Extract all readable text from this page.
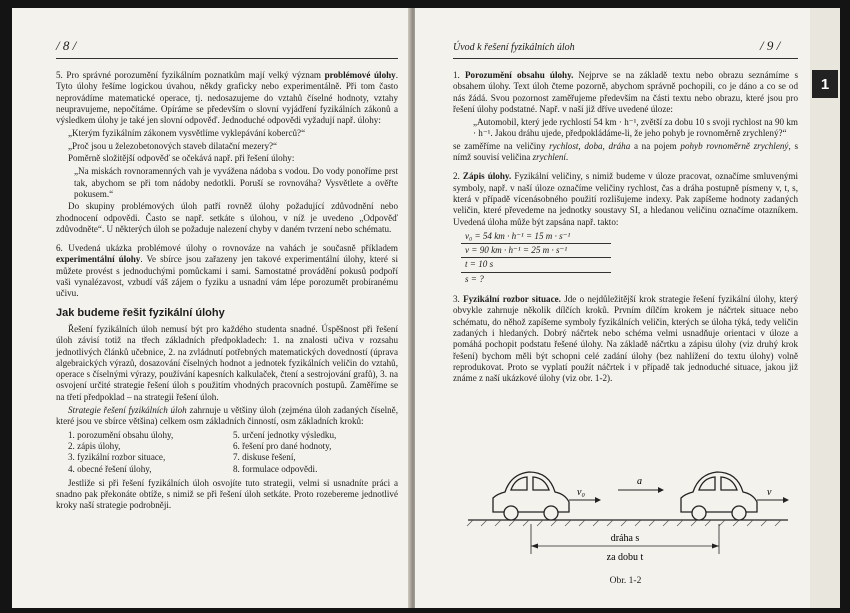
/ 8 /

5. Pro správné porozumění fyzikálním poznatkům mají velký význam problémové úlohy. Tyto úlohy řešíme logickou úvahou, někdy graficky nebo experimentálně. Při tom často neprovádíme matematické operace, tj. nedosazujeme do vztahů číselné hodnoty, vztahy neupravujeme, nepočítáme. Opíráme se především o slovní vyjádření fyzikálních zákonů a výsledkem úlohy je také jen slovní odpověď. Jednoduché odpovědi vyžadují např. úlohy:

„Kterým fyzikálním zákonem vysvětlíme vyklepávání koberců?“

„Proč jsou u železobetonových staveb dilatační mezery?“

Poměrně složitější odpověď se očekává např. při řešení úlohy:

„Na miskách rovnoramenných vah je vyvážena nádoba s vodou. Do vody ponoříme prst tak, abychom se při tom nádoby nedotkli. Poruší se rovnováha? Vysvětlete a ověřte pokusem.“

Do skupiny problémových úloh patří rovněž úlohy požadující zdůvodnění nebo zhodnocení odpovědi. Často se např. setkáte s úlohou, v níž je uvedeno „Odpověď zdůvodněte“. U některých úloh se požaduje nalezení chyby v daném tvrzení nebo schématu.

6. Uvedená ukázka problémové úlohy o rovnováze na vahách je současně příkladem experimentální úlohy. Ve sbírce jsou zařazeny jen takové experimentální úlohy, které si můžete provést s jednoduchými pomůckami i sami. Samostatné provádění pokusů podpoří vaši vynalézavost, vzbudí váš zájem o fyziku a usnadní vám lépe porozumět probíranému učivu.

Jak budeme řešit fyzikální úlohy

Řešení fyzikálních úloh nemusí být pro každého studenta snadné. Úspěšnost při řešení úloh závisí totiž na třech základních předpokladech: 1. na znalosti učiva v rozsahu jednotlivých článků učebnice, 2. na zvládnutí potřebných matematických dovedností (úprava algebraických výrazů, dosazování číselných hodnot a jednotek fyzikálních veličin do vztahů, operace s číselnými výrazy, používání kapesních kalkulaček, čtení a sestrojování grafů), 3. na osvojení určité strategie řešení úloh s použitím vhodných pracovních postupů. Zaměříme se na třetí předpoklad – na strategii řešení úloh.

Strategie řešení fyzikálních úloh zahrnuje u většiny úloh (zejména úloh zadaných číselně, které jsou ve sbírce většina) celkem osm základních činností, osm základních kroků:

1. porozumění obsahu úlohy,
2. zápis úlohy,
3. fyzikální rozbor situace,
4. obecné řešení úlohy,
5. určení jednotky výsledku,
6. řešení pro dané hodnoty,
7. diskuse řešení,
8. formulace odpovědi.

Jestliže si při řešení fyzikálních úloh osvojíte tuto strategii, velmi si usnadníte práci a snadno pak překonáte obtíže, s nimiž se při řešení úloh setkáte. Proto rozebereme jednotlivé kroky naší strategie podrobněji.

Úvod k řešení fyzikálních úloh	/ 9 /

1. Porozumění obsahu úlohy. Nejprve se na základě textu nebo obrazu seznámíme s obsahem úlohy. Text úloh čteme pozorně, abychom správně pochopili, co je dáno a co se od nás žádá. Svou pozornost zaměřujeme především na části textu nebo obrazu, které jsou pro řešení úlohy podstatné. Např. v naší již dříve uvedené úloze:

„Automobil, který jede rychlostí 54 km · h⁻¹, zvětší za dobu 10 s svoji rychlost na 90 km · h⁻¹. Jakou dráhu ujede, předpokládáme-li, že jeho pohyb je rovnoměrně zrychlený?“

se zaměříme na veličiny rychlost, doba, dráha a na pojem pohyb rovnoměrně zrychlený, s nímž souvisí veličina zrychlení.

2. Zápis úlohy. Fyzikální veličiny, s nimiž budeme v úloze pracovat, označíme smluvenými symboly, např. v naší úloze označíme veličiny rychlost, čas a dráha postupně písmeny v, t, s, která v případě vícenásobného použití rozlišujeme indexy. Pak zapíšeme hodnoty zadaných veličin, které převedeme na jednotky soustavy SI, a hledanou veličinu označíme otazníkem. Uvedená úloha může být zapsána např. takto:

v₀ = 54 km · h⁻¹ = 15 m · s⁻¹
v = 90 km · h⁻¹ = 25 m · s⁻¹
t = 10 s
s = ?

3. Fyzikální rozbor situace. Jde o nejdůležitější krok strategie řešení fyzikální úlohy, který obvykle zahrnuje několik dílčích kroků. Prvním dílčím krokem je náčrtek situace nebo schématu, do něhož zapíšeme symboly fyzikálních veličin, kterých se úloha týká, tedy veličin zadaných i hledaných. Dobrý náčrtek nebo schéma velmi usnadňuje orientaci v úloze a pomáhá pochopit podstatu řešené úlohy. Na základě náčrtku a zápisu úlohy (viz druhý krok řešení) bychom měli být schopni celé zadání úlohy (bez nahlížení do textu úlohy) volně reprodukovat. Proto se vyplatí použít náčrtek i v případě tak jednoduché situace, jakou již známe z naší ukázkové úlohy (viz obr. 1-2).

v₀
a
v
dráha s
za dobu t
Obr. 1-2
1
